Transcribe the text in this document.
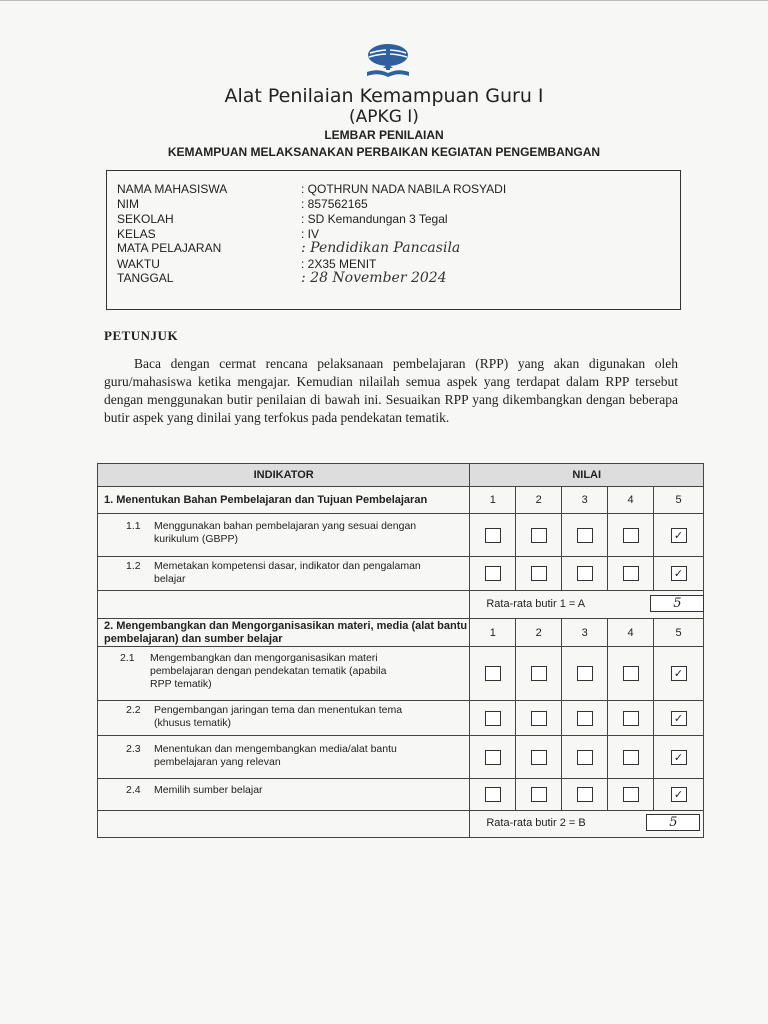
Alat Penilaian Kemampuan Guru I
(APKG I)
LEMBAR PENILAIAN
KEMAMPUAN MELAKSANAKAN PERBAIKAN KEGIATAN PENGEMBANGAN
NAMA MAHASISWA	: QOTHRUN NADA NABILA ROSYADI
NIM	: 857562165
SEKOLAH	: SD Kemandungan 3 Tegal
KELAS	: IV
MATA PELAJARAN	: Pendidikan Pancasila
WAKTU	: 2X35 MENIT
TANGGAL	: 28 November 2024
PETUNJUK

Baca dengan cermat rencana pelaksanaan pembelajaran (RPP) yang akan digunakan oleh guru/mahasiswa ketika mengajar. Kemudian nilailah semua aspek yang terdapat dalam RPP tersebut dengan menggunakan butir penilaian di bawah ini. Sesuaikan RPP yang dikembangkan dengan beberapa butir aspek yang dinilai yang terfokus pada pendekatan tematik.

INDIKATOR	NILAI				
1. Menentukan Bahan Pembelajaran dan Tujuan Pembelajaran	1	2	3	4	5

1.1 Menggunakan bahan pembelajaran yang sesuai dengan kurikulum (GBPP)					✓

1.2 Memetakan kompetensi dasar, indikator dan pengalaman belajar					✓

	Rata-rata butir 1 = A 5				

2. Mengembangkan dan Mengorganisasikan materi, media (alat bantu pembelajaran) dan sumber belajar	1	2	3	4	5

2.1 Mengembangkan dan mengorganisasikan materi pembelajaran dengan pendekatan tematik (apabila RPP tematik)					✓

2.2 Pengembangan jaringan tema dan menentukan tema (khusus tematik)					✓

2.3 Menentukan dan mengembangkan media/alat bantu pembelajaran yang relevan					✓

2.4 Memilih sumber belajar					✓

	Rata-rata butir 2 = B 5				
